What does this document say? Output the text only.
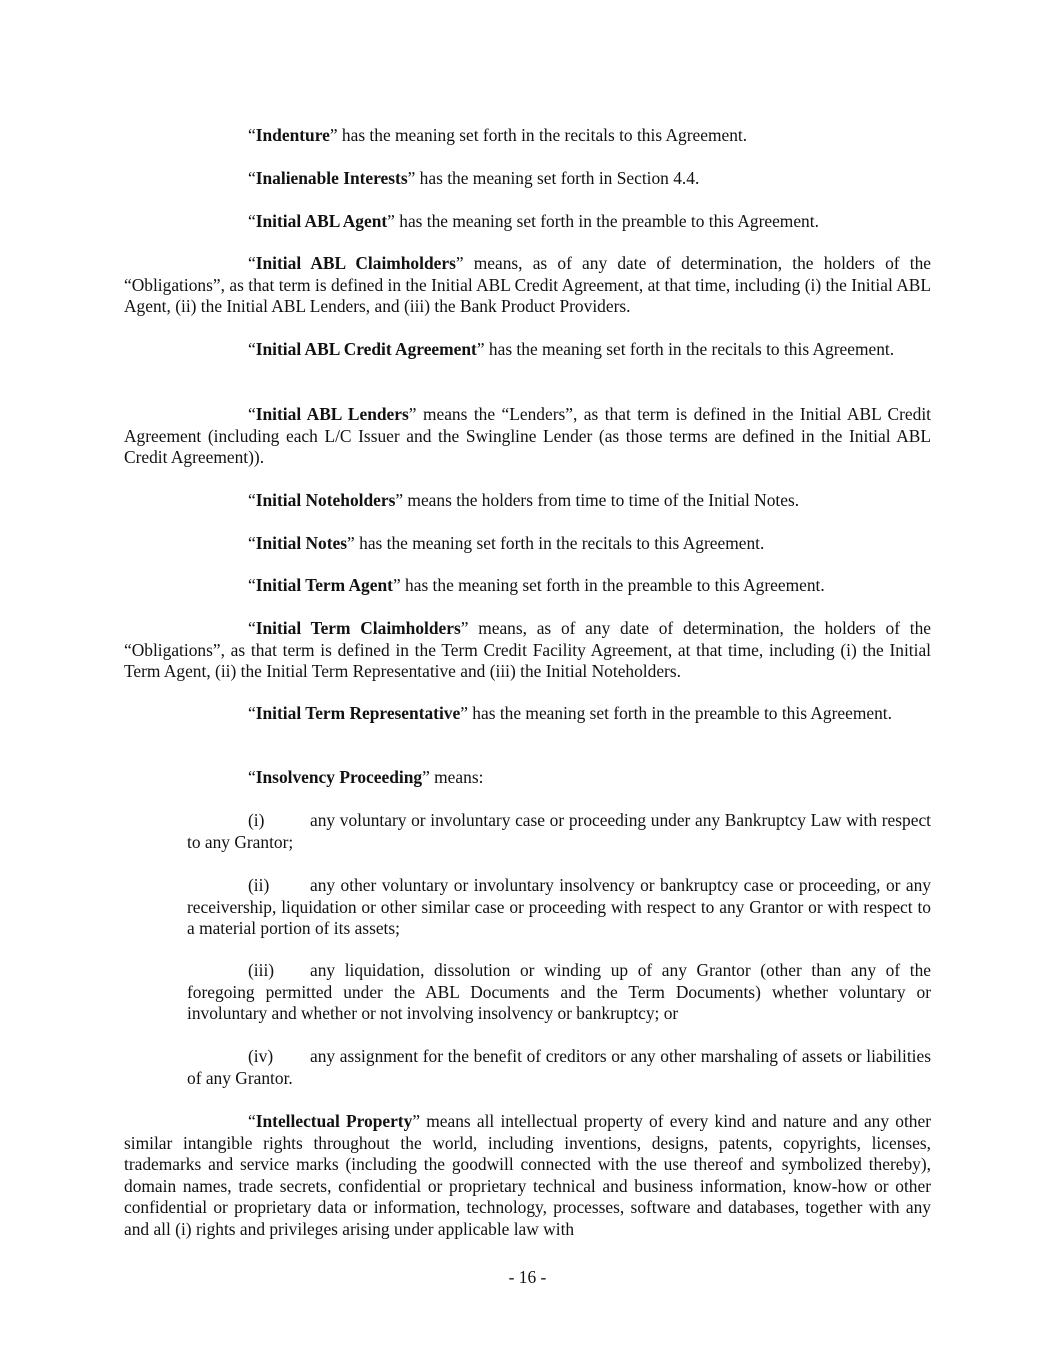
“Indenture” has the meaning set forth in the recitals to this Agreement.

“Inalienable Interests” has the meaning set forth in Section 4.4.

“Initial ABL Agent” has the meaning set forth in the preamble to this Agreement.

“Initial ABL Claimholders” means, as of any date of determination, the holders of the “Obligations”, as that term is defined in the Initial ABL Credit Agreement, at that time, including (i) the Initial ABL Agent, (ii) the Initial ABL Lenders, and (iii) the Bank Product Providers.

“Initial ABL Credit Agreement” has the meaning set forth in the recitals to this Agreement.

“Initial ABL Lenders” means the “Lenders”, as that term is defined in the Initial ABL Credit Agreement (including each L/C Issuer and the Swingline Lender (as those terms are defined in the Initial ABL Credit Agreement)).

“Initial Noteholders” means the holders from time to time of the Initial Notes.

“Initial Notes” has the meaning set forth in the recitals to this Agreement.

“Initial Term Agent” has the meaning set forth in the preamble to this Agreement.

“Initial Term Claimholders” means, as of any date of determination, the holders of the “Obligations”, as that term is defined in the Term Credit Facility Agreement, at that time, including (i) the Initial Term Agent, (ii) the Initial Term Representative and (iii) the Initial Noteholders.

“Initial Term Representative” has the meaning set forth in the preamble to this Agreement.

“Insolvency Proceeding” means:

(i)	any voluntary or involuntary case or proceeding under any Bankruptcy Law with respect to any Grantor;

(ii) any other voluntary or involuntary insolvency or bankruptcy case or proceeding, or any receivership, liquidation or other similar case or proceeding with respect to any Grantor or with respect to a material portion of its assets;

(iii) any liquidation, dissolution or winding up of any Grantor (other than any of the foregoing permitted under the ABL Documents and the Term Documents) whether voluntary or involuntary and whether or not involving insolvency or bankruptcy; or

(iv) any assignment for the benefit of creditors or any other marshaling of assets or liabilities of any Grantor.

“Intellectual Property” means all intellectual property of every kind and nature and any other similar intangible rights throughout the world, including inventions, designs, patents, copyrights, licenses, trademarks and service marks (including the goodwill connected with the use thereof and symbolized thereby), domain names, trade secrets, confidential or proprietary technical and business information, know-how or other confidential or proprietary data or information, technology, processes, software and databases, together with any and all (i) rights and privileges arising under applicable law with

- 16 -
